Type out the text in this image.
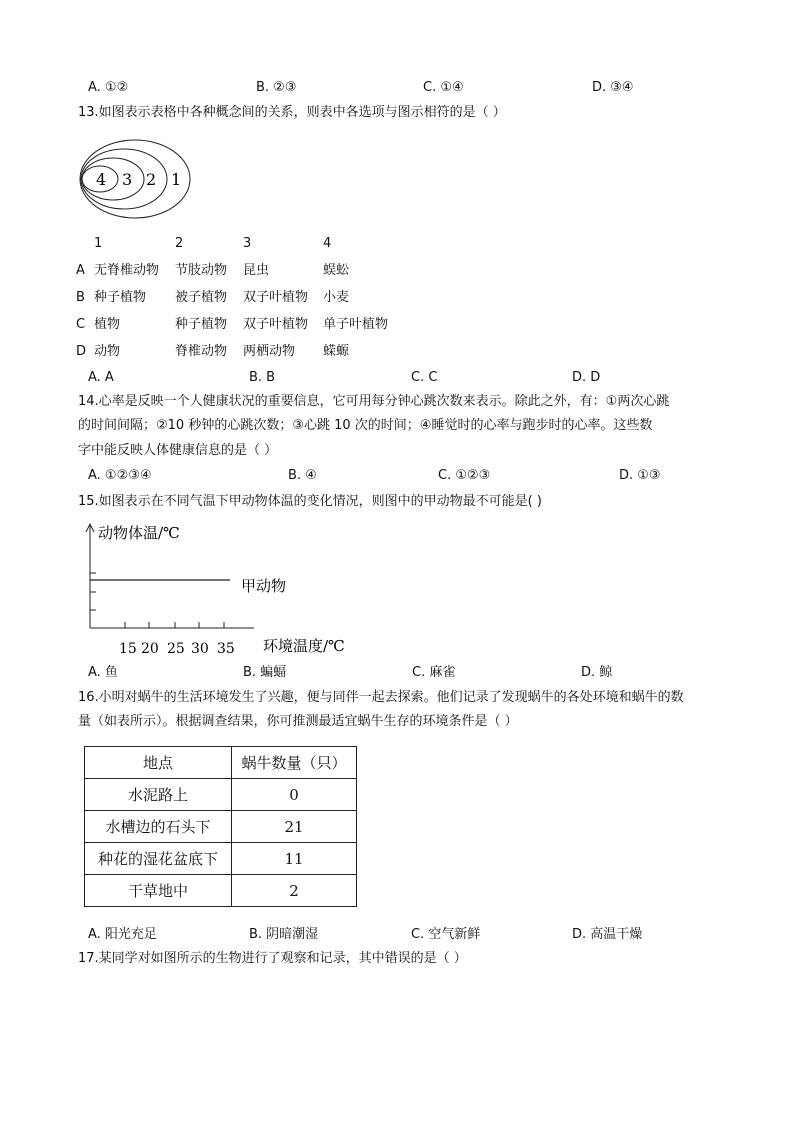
A. ①②	B. ②③	C. ①④	D. ③④
13.如图表示表格中各种概念间的关系，则表中各选项与图示相符的是（ ）
4 3 2 1
1	2	3	4
A 无脊椎动物 节肢动物 昆虫	蜈蚣
B 种子植物 被子植物 双子叶植物 小麦
C 植物	种子植物 双子叶植物 单子叶植物
D 动物	脊椎动物 两栖动物 蝾螈
A. A	B. B	C. C	D. D
14.心率是反映一个人健康状况的重要信息，它可用每分钟心跳次数来表示。除此之外，有：①两次心跳
的时间间隔；②10 秒钟的心跳次数；③心跳 10 次的时间；④睡觉时的心率与跑步时的心率。这些数
字中能反映人体健康信息的是（ ）
A. ①②③④	B. ④	C. ①②③	D. ①③
15.如图表示在不同气温下甲动物体温的变化情况，则图中的甲动物最不可能是( )
动物体温/℃
甲动物
环境温度/℃
15 20 25 30 35
A. 鱼	B. 蝙蝠	C. 麻雀	D. 鲸
16.小明对蜗牛的生活环境发生了兴趣，便与同伴一起去探索。他们记录了发现蜗牛的各处环境和蜗牛的数
量（如表所示）。根据调查结果，你可推测最适宜蜗牛生存的环境条件是（ ）
地点	蜗牛数量（只）
水泥路上	0
水槽边的石头下	21
种花的湿花盆底下	11
干草地中	2
A. 阳光充足	B. 阴暗潮湿	C. 空气新鲜	D. 高温干燥
17.某同学对如图所示的生物进行了观察和记录，其中错误的是（ ）
